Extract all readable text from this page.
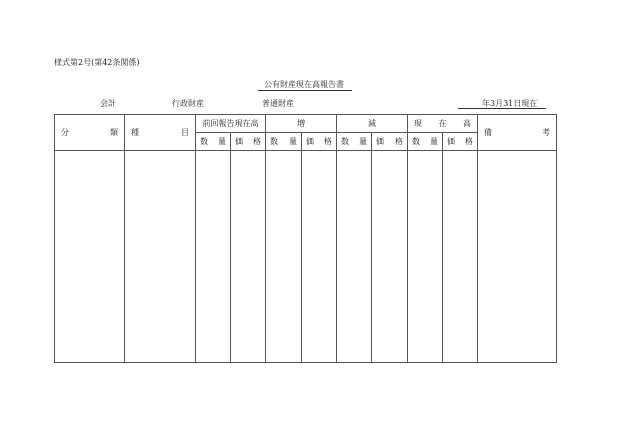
様式第2号(第42条関係)
公有財産現在高報告書
会計	行政財産	普通財産	年3月31日現在
分 類	種 目	前回報告現在高		増		減		現 在 高		備 考

		数 量	価 格	数 量	価 格	数 量	価 格	数 量	価 格	
